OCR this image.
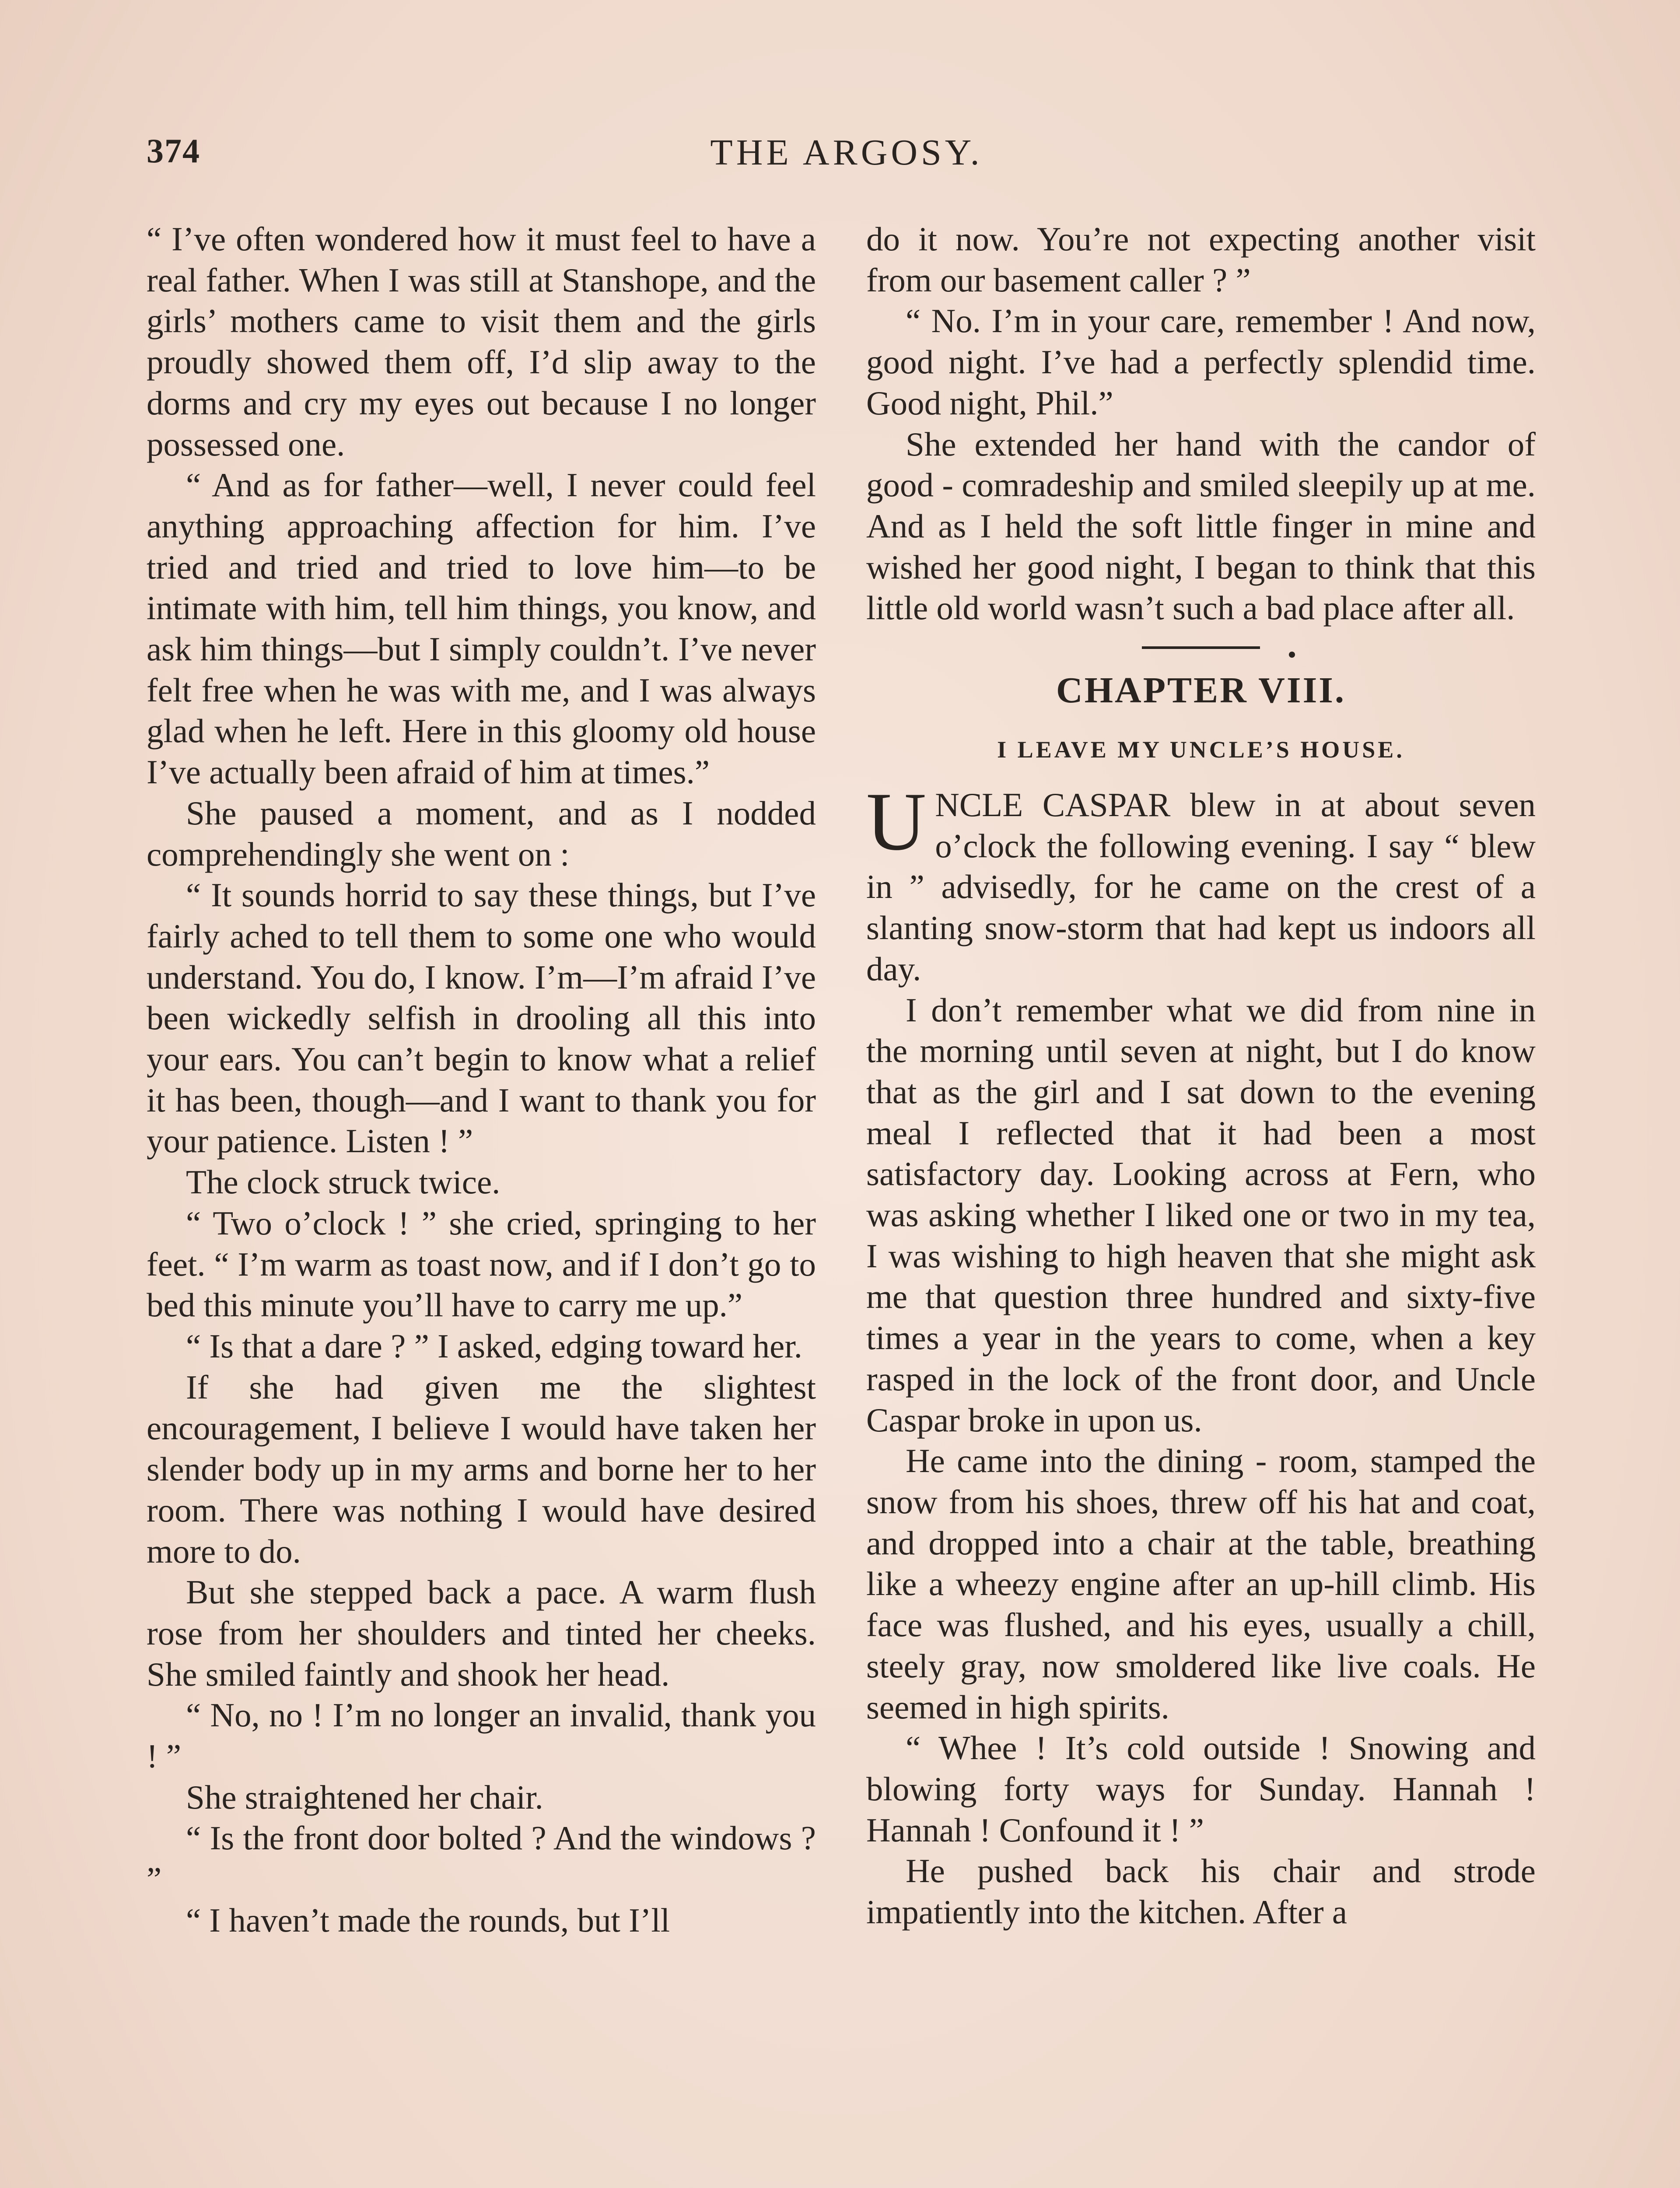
374	THE ARGOSY.

“ I’ve often wondered how it must feel to have a real father. When I was still at Stanshope, and the girls’ mothers came to visit them and the girls proudly showed them off, I’d slip away to the dorms and cry my eyes out because I no longer possessed one.

“ And as for father—well, I never could feel anything approaching affection for him. I’ve tried and tried and tried to love him—to be intimate with him, tell him things, you know, and ask him things—but I simply couldn’t. I’ve never felt free when he was with me, and I was always glad when he left. Here in this gloomy old house I’ve actually been afraid of him at times.”

She paused a moment, and as I nodded comprehendingly she went on :

“ It sounds horrid to say these things, but I’ve fairly ached to tell them to some one who would understand. You do, I know. I’m—I’m afraid I’ve been wickedly selfish in drooling all this into your ears. You can’t begin to know what a relief it has been, though—and I want to thank you for your patience. Listen ! ”

The clock struck twice.

“ Two o’clock ! ” she cried, springing to her feet. “ I’m warm as toast now, and if I don’t go to bed this minute you’ll have to carry me up.”

“ Is that a dare ? ” I asked, edging toward her.

If she had given me the slightest encouragement, I believe I would have taken her slender body up in my arms and borne her to her room. There was nothing I would have desired more to do.

But she stepped back a pace. A warm flush rose from her shoulders and tinted her cheeks. She smiled faintly and shook her head.

“ No, no ! I’m no longer an invalid, thank you ! ”

She straightened her chair.

“ Is the front door bolted ? And the windows ? ”

“ I haven’t made the rounds, but I’ll

do it now. You’re not expecting another visit from our basement caller ? ”

“ No. I’m in your care, remember ! And now, good night. I’ve had a perfectly splendid time. Good night, Phil.”

She extended her hand with the candor of good - comradeship and smiled sleepily up at me. And as I held the soft little finger in mine and wished her good night, I began to think that this little old world wasn’t such a bad place after all.

CHAPTER VIII.
I LEAVE MY UNCLE’S HOUSE.

UNCLE CASPAR blew in at about seven o’clock the following evening. I say “ blew in ” advisedly, for he came on the crest of a slanting snow-storm that had kept us indoors all day.

I don’t remember what we did from nine in the morning until seven at night, but I do know that as the girl and I sat down to the evening meal I reflected that it had been a most satisfactory day. Looking across at Fern, who was asking whether I liked one or two in my tea, I was wishing to high heaven that she might ask me that question three hundred and sixty-five times a year in the years to come, when a key rasped in the lock of the front door, and Uncle Caspar broke in upon us.

He came into the dining - room, stamped the snow from his shoes, threw off his hat and coat, and dropped into a chair at the table, breathing like a wheezy engine after an up-hill climb. His face was flushed, and his eyes, usually a chill, steely gray, now smoldered like live coals. He seemed in high spirits.

“ Whee ! It’s cold outside ! Snowing and blowing forty ways for Sunday. Hannah ! Hannah ! Confound it ! ”

He pushed back his chair and strode impatiently into the kitchen. After a
